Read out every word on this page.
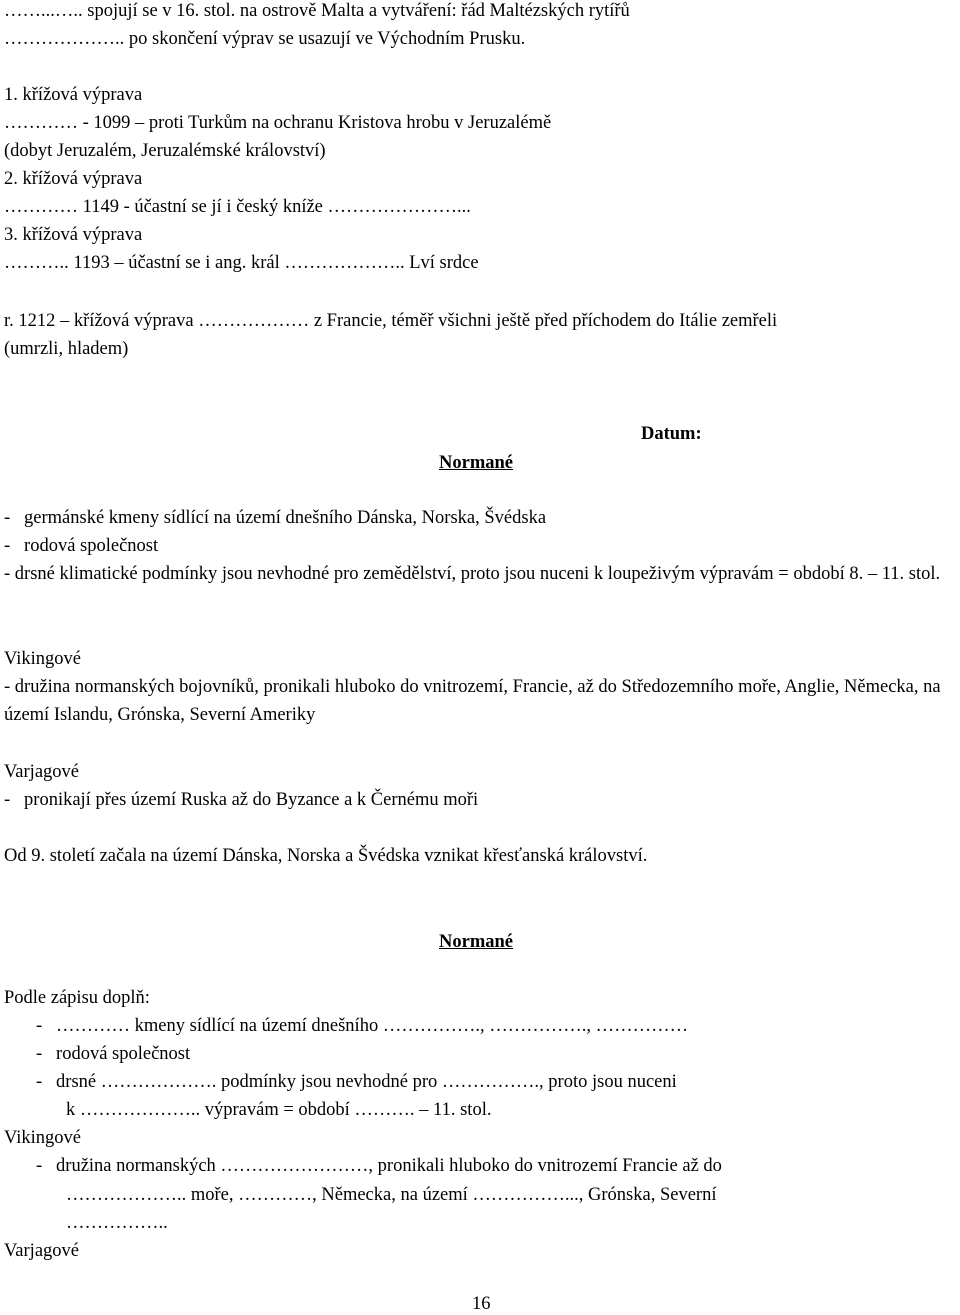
……...….. spojují se v 16. stol. na ostrově Malta a vytváření: řád Maltézských rytířů
……………….. po skončení výprav se usazují ve Východním Prusku.
1. křížová výprava
………… - 1099 – proti Turkům na ochranu Kristova hrobu v Jeruzalémě
(dobyt Jeruzalém, Jeruzalémské království)
2. křížová výprava
………… 1149 - účastní se jí i český kníže …………………...
3. křížová výprava
……….. 1193 – účastní se i ang. král ……………….. Lví srdce
r. 1212 – křížová výprava ……………… z Francie, téměř všichni ještě před příchodem do Itálie zemřeli
(umrzli, hladem)
Datum:
Normané
-   germánské kmeny sídlící na území dnešního Dánska, Norska, Švédska
-   rodová společnost
- drsné klimatické podmínky jsou nevhodné pro zemědělství, proto jsou nuceni k loupeživým výpravám = období 8. – 11. stol.
Vikingové
- družina normanských bojovníků, pronikali hluboko do vnitrozemí, Francie, až do Středozemního moře, Anglie, Německa, na území Islandu, Grónska, Severní Ameriky
Varjagové
-   pronikají přes území Ruska až do Byzance a k Černému moři
Od 9. století začala na území Dánska, Norska a Švédska vznikat křesťanská království.
Normané
Podle zápisu doplň:
-   ………… kmeny sídlící na území dnešního ……………., ……………., ……………
-   rodová společnost
-   drsné ………………. podmínky jsou nevhodné pro ……………., proto jsou nuceni
k ……………….. výpravám = období ………. – 11. stol.
Vikingové
-   družina normanských ……………………, pronikali hluboko do vnitrozemí Francie až do
……………….. moře, …………, Německa, na území ……………..., Grónska, Severní
……………..
Varjagové
16
